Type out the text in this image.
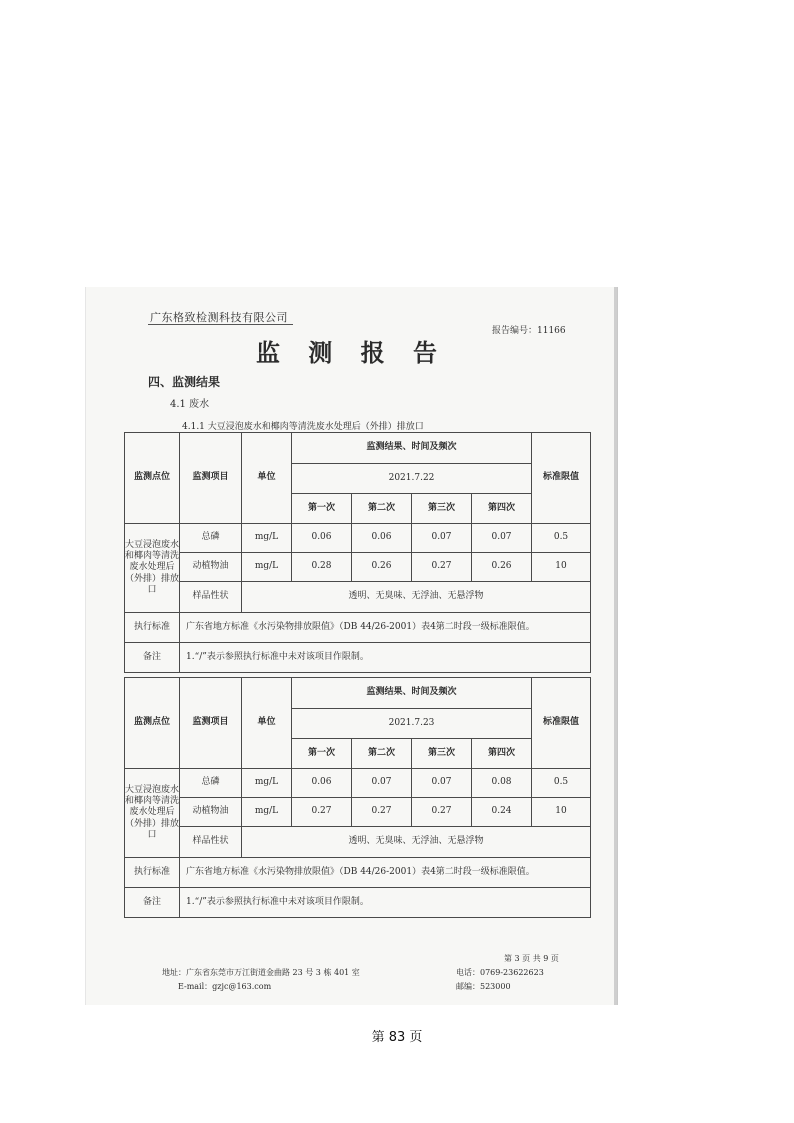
广东格致检测科技有限公司
报告编号：11166
监 测 报 告
四、监测结果
4.1 废水
4.1.1 大豆浸泡废水和椰肉等清洗废水处理后（外排）排放口
监测点位	监测项目	单位	监测结果、时间及频次				标准限值
			2021.7.22				
			第一次	第二次	第三次	第四次	
大豆浸泡废水和椰肉等清洗废水处理后（外排）排放口	总磷	mg/L	0.06	0.06	0.07	0.07	0.5
	动植物油	mg/L	0.28	0.26	0.27	0.26	10
	样品性状	透明、无臭味、无浮油、无悬浮物					
执行标准	广东省地方标准《水污染物排放限值》（DB 44/26-2001）表4第二时段一级标准限值。						
备注	1.“/”表示参照执行标准中未对该项目作限制。						
监测点位	监测项目	单位	监测结果、时间及频次				标准限值
			2021.7.23				
			第一次	第二次	第三次	第四次	
大豆浸泡废水和椰肉等清洗废水处理后（外排）排放口	总磷	mg/L	0.06	0.07	0.07	0.08	0.5
	动植物油	mg/L	0.27	0.27	0.27	0.24	10
	样品性状	透明、无臭味、无浮油、无悬浮物					
执行标准	广东省地方标准《水污染物排放限值》（DB 44/26-2001）表4第二时段一级标准限值。						
备注	1.“/”表示参照执行标准中未对该项目作限制。						
第 3 页 共 9 页
地址：广东省东莞市万江街道金曲路 23 号 3 栋 401 室	电话：0769-23622623
E-mail：gzjc@163.com	邮编：523000
第 83 页
